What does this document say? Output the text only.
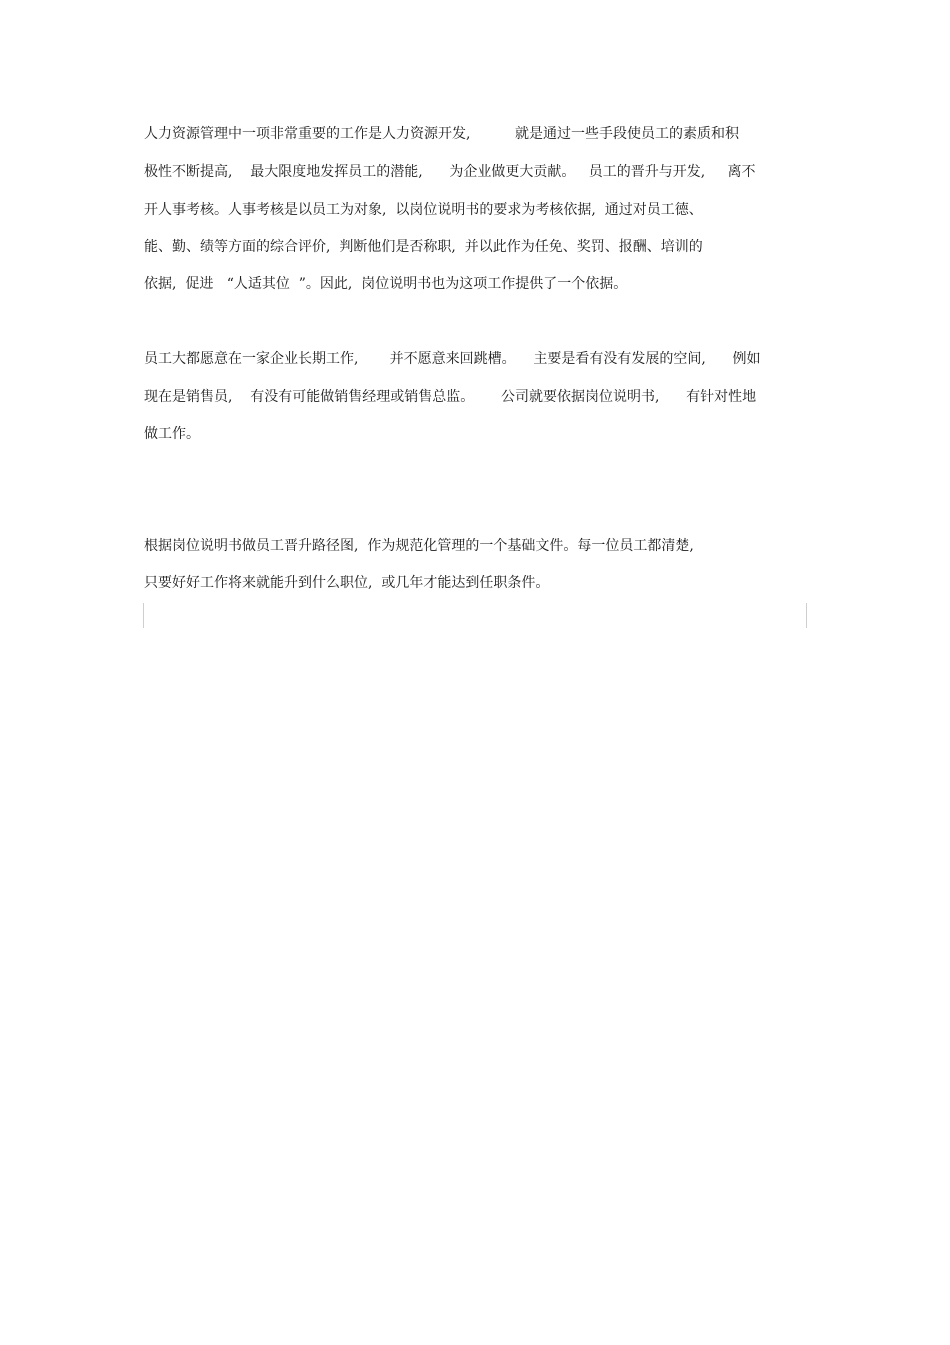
人力资源管理中一项非常重要的工作是人力资源开发,          就是通过一些手段使员工的素质和积
极性不断提高,    最大限度地发挥员工的潜能,      为企业做更大贡献。   员工的晋升与开发,     离不
开人事考核。人事考核是以员工为对象,  以岗位说明书的要求为考核依据,  通过对员工德、
能、勤、绩等方面的综合评价,  判断他们是否称职,  并以此作为任免、奖罚、报酬、培训的
依据,  促进   “人适其位  ”。因此,  岗位说明书也为这项工作提供了一个依据。
员工大都愿意在一家企业长期工作,       并不愿意来回跳槽。    主要是看有没有发展的空间,      例如
现在是销售员,    有没有可能做销售经理或销售总监。      公司就要依据岗位说明书,      有针对性地
做工作。
根据岗位说明书做员工晋升路径图,  作为规范化管理的一个基础文件。每一位员工都清楚,
只要好好工作将来就能升到什么职位,  或几年才能达到任职条件。
